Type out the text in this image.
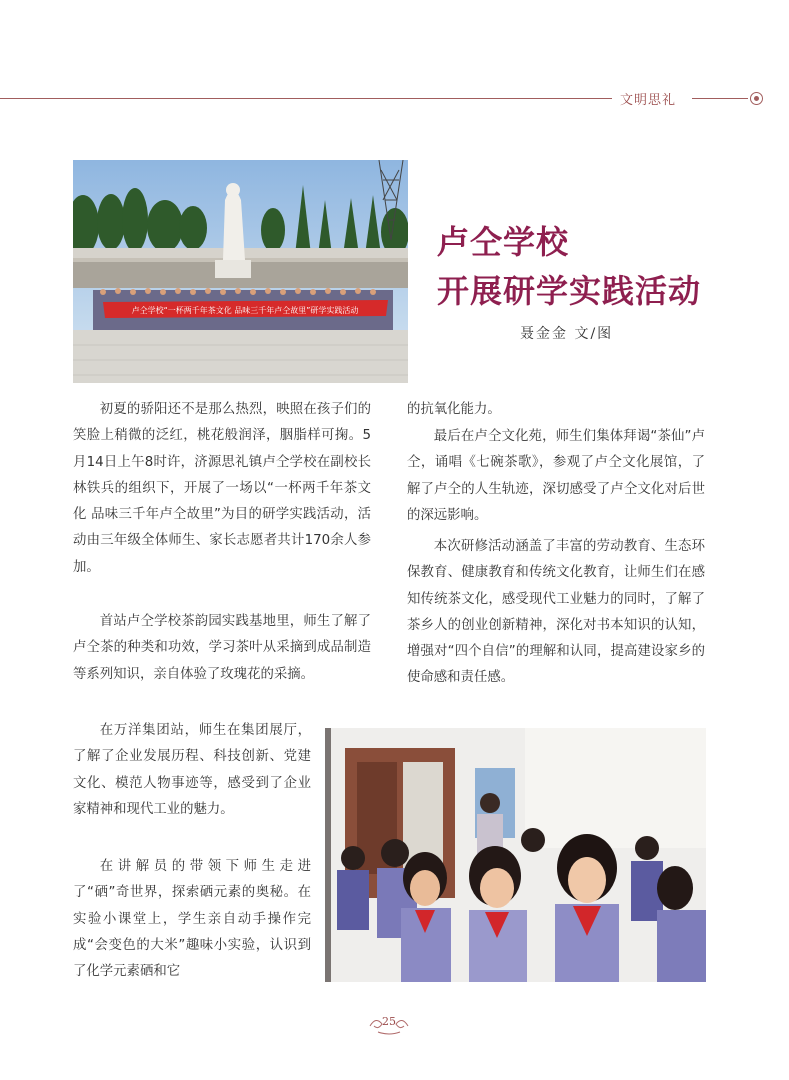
文明思礼
卢仝学校“一杯两千年茶文化 品味三千年卢仝故里”研学实践活动
卢仝学校
开展研学实践活动
聂金金 文/图

初夏的骄阳还不是那么热烈，映照在孩子们的笑脸上稍微的泛红，桃花般润泽，胭脂样可掬。5月14日上午8时许，济源思礼镇卢仝学校在副校长林铁兵的组织下，开展了一场以“一杯两千年茶文化 品味三千年卢仝故里”为目的研学实践活动，活动由三年级全体师生、家长志愿者共计170余人参加。

首站卢仝学校茶韵园实践基地里，师生了解了卢仝茶的种类和功效，学习茶叶从采摘到成品制造等系列知识，亲自体验了玫瑰花的采摘。

在万洋集团站，师生在集团展厅，了解了企业发展历程、科技创新、党建文化、模范人物事迹等，感受到了企业家精神和现代工业的魅力。

在讲解员的带领下师生走进了“硒”奇世界，探索硒元素的奥秘。在实验小课堂上，学生亲自动手操作完成“会变色的大米”趣味小实验，认识到了化学元素硒和它

的抗氧化能力。

最后在卢仝文化苑，师生们集体拜谒“茶仙”卢仝，诵唱《七碗茶歌》，参观了卢仝文化展馆，了解了卢仝的人生轨迹，深切感受了卢仝文化对后世的深远影响。

本次研修活动涵盖了丰富的劳动教育、生态环保教育、健康教育和传统文化教育，让师生们在感知传统茶文化，感受现代工业魅力的同时，了解了茶乡人的创业创新精神，深化对书本知识的认知，增强对“四个自信”的理解和认同，提高建设家乡的使命感和责任感。

25
